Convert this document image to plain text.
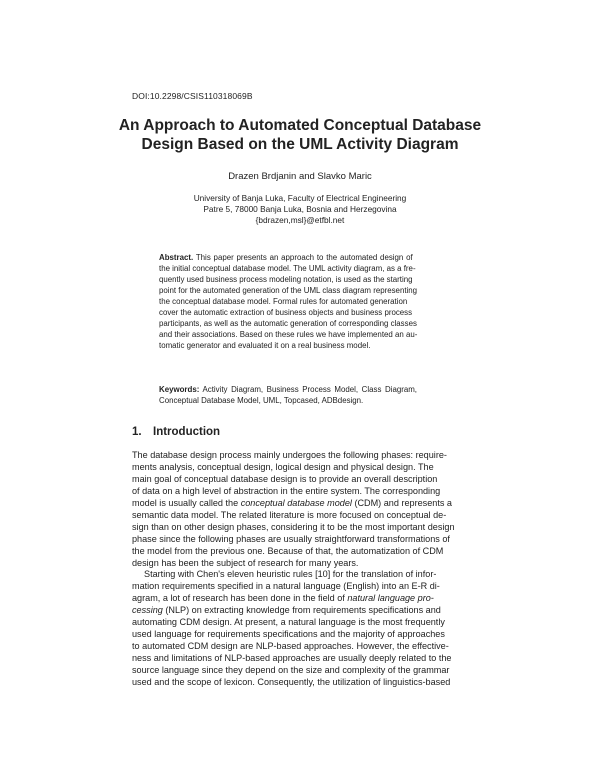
DOI:10.2298/CSIS110318069B
An Approach to Automated Conceptual Database
Design Based on the UML Activity Diagram
Drazen Brdjanin and Slavko Maric
University of Banja Luka, Faculty of Electrical Engineering
Patre 5, 78000 Banja Luka, Bosnia and Herzegovina
{bdrazen,msl}@etfbl.net
Abstract. This paper presents an approach to the automated design of
the initial conceptual database model. The UML activity diagram, as a fre-
quently used business process modeling notation, is used as the starting
point for the automated generation of the UML class diagram representing
the conceptual database model. Formal rules for automated generation
cover the automatic extraction of business objects and business process
participants, as well as the automatic generation of corresponding classes
and their associations. Based on these rules we have implemented an au-
tomatic generator and evaluated it on a real business model.
Keywords: Activity Diagram, Business Process Model, Class Diagram,
Conceptual Database Model, UML, Topcased, ADBdesign.
1. Introduction
The database design process mainly undergoes the following phases: require-
ments analysis, conceptual design, logical design and physical design. The
main goal of conceptual database design is to provide an overall description
of data on a high level of abstraction in the entire system. The corresponding
model is usually called the conceptual database model (CDM) and represents a
semantic data model. The related literature is more focused on conceptual de-
sign than on other design phases, considering it to be the most important design
phase since the following phases are usually straightforward transformations of
the model from the previous one. Because of that, the automatization of CDM
design has been the subject of research for many years.
Starting with Chen's eleven heuristic rules [10] for the translation of infor-
mation requirements specified in a natural language (English) into an E-R di-
agram, a lot of research has been done in the field of natural language pro-
cessing (NLP) on extracting knowledge from requirements specifications and
automating CDM design. At present, a natural language is the most frequently
used language for requirements specifications and the majority of approaches
to automated CDM design are NLP-based approaches. However, the effective-
ness and limitations of NLP-based approaches are usually deeply related to the
source language since they depend on the size and complexity of the grammar
used and the scope of lexicon. Consequently, the utilization of linguistics-based
